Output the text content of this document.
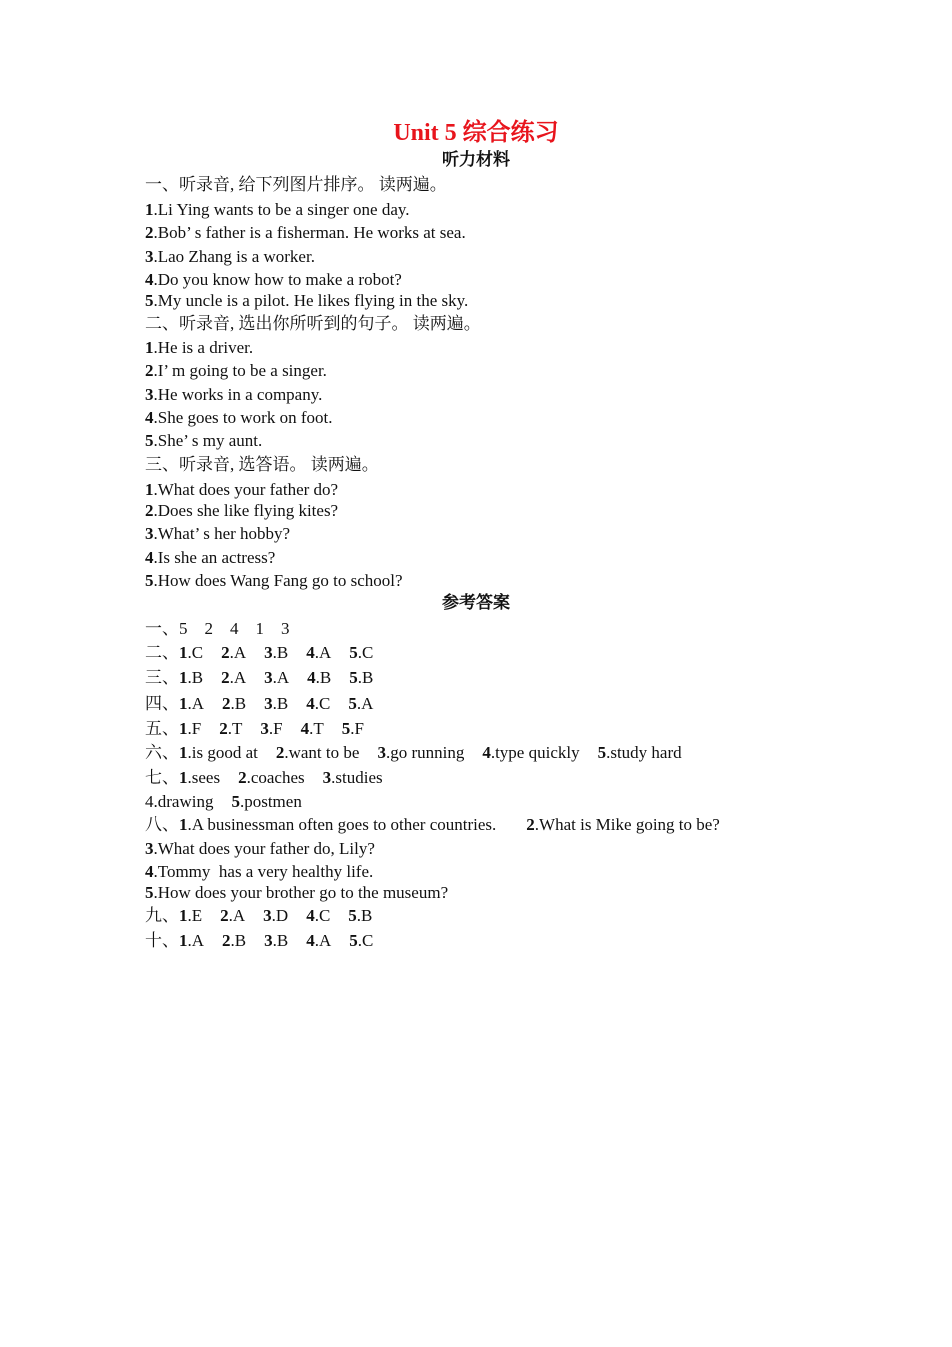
Unit 5 综合练习
听力材料
一、听录音, 给下列图片排序。 读两遍。
1.Li Ying wants to be a singer one day.
2.Bob’ s father is a fisherman. He works at sea.
3.Lao Zhang is a worker.
4.Do you know how to make a robot?
5.My uncle is a pilot. He likes flying in the sky.
二、听录音, 选出你所听到的句子。 读两遍。
1.He is a driver.
2.I’ m going to be a singer.
3.He works in a company.
4.She goes to work on foot.
5.She’ s my aunt.
三、听录音, 选答语。 读两遍。
1.What does your father do?
2.Does she like flying kites?
3.What’ s her hobby?
4.Is she an actress?
5.How does Wang Fang go to school?
参考答案
一、5    2    4    1    3
二、1.C 2.A 3.B 4.A 5.C
三、1.B 2.A 3.A 4.B 5.B
四、1.A 2.B 3.B 4.C 5.A
五、1.F 2.T 3.F 4.T 5.F
六、1.is good at 2.want to be 3.go running 4.type quickly 5.study hard
七、1.sees 2.coaches 3.studies
4.drawing 5.postmen
八、1.A businessman often goes to other countries. 2.What is Mike going to be?
3.What does your father do, Lily?
4.Tommy  has a very healthy life.
5.How does your brother go to the museum?
九、1.E 2.A 3.D 4.C 5.B
十、1.A 2.B 3.B 4.A 5.C
